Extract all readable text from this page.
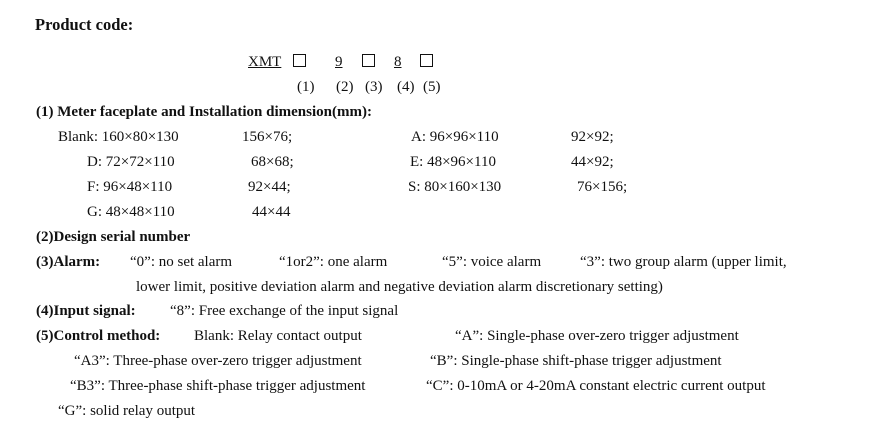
Product code:
XMT	9	8
(1) (2) (3) (4) (5)
(1) Meter faceplate and Installation dimension(mm):
Blank: 160×80×130	156×76;	A: 96×96×110	92×92;
D: 72×72×110	68×68;	E: 48×96×110	44×92;
F: 96×48×110	92×44;	S: 80×160×130	76×156;
G: 48×48×110	44×44
(2)Design serial number
(3)Alarm: “0”: no set alarm	“1or2”: one alarm	“5”: voice alarm	“3”: two group alarm (upper limit,
lower limit, positive deviation alarm and negative deviation alarm discretionary setting)
(4)Input signal: “8”: Free exchange of the input signal
(5)Control method: Blank: Relay contact output	“A”: Single-phase over-zero trigger adjustment
“A3”: Three-phase over-zero trigger adjustment	“B”: Single-phase shift-phase trigger adjustment
“B3”: Three-phase shift-phase trigger adjustment	“C”: 0-10mA or 4-20mA constant electric current output
“G”: solid relay output
